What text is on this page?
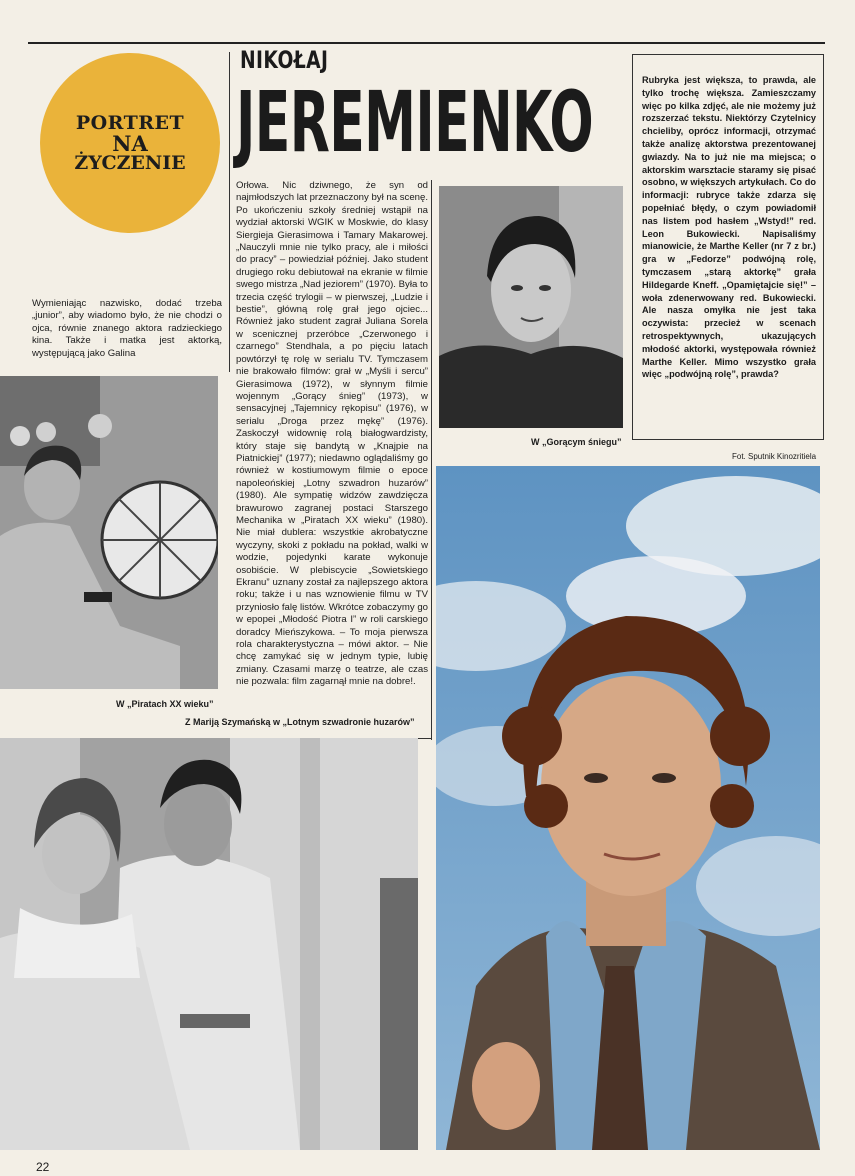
PORTRET
NA
ŻYCZENIE
NIKOŁAJ
JEREMIENKO
Wymieniając nazwisko, dodać trzeba „junior”, aby wiadomo było, że nie chodzi o ojca, równie znanego aktora radzieckiego kina. Także i matka jest aktorką, występującą jako Galina
Orłowa. Nic dziwnego, że syn od najmłodszych lat przeznaczony był na scenę. Po ukończeniu szkoły średniej wstąpił na wydział aktorski WGIK w Moskwie, do klasy Siergieja Gierasimowa i Tamary Makarowej. „Nauczyli mnie nie tylko pracy, ale i miłości do pracy” – powiedział później. Jako student drugiego roku debiutował na ekranie w filmie swego mistrza „Nad jeziorem” (1970). Była to trzecia część trylogii – w pierwszej, „Ludzie i bestie”, główną rolę grał jego ojciec... Również jako student zagrał Juliana Sorela w scenicznej przeróbce „Czerwonego i czarnego” Stendhala, a po pięciu latach powtórzył tę rolę w serialu TV. Tymczasem nie brakowało filmów: grał w „Myśli i sercu” Gierasimowa (1972), w słynnym filmie wojennym „Gorący śnieg” (1973), w sensacyjnej „Tajemnicy rękopisu” (1976), w serialu „Droga przez mękę” (1976). Zaskoczył widownię rolą białogwardzisty, który staje się bandytą w „Knajpie na Piatnickiej” (1977); niedawno oglądaliśmy go również w kostiumowym filmie o epoce napoleońskiej „Lotny szwadron huzarów” (1980). Ale sympatię widzów zawdzięcza brawurowo zagranej postaci Starszego Mechanika w „Piratach XX wieku” (1980). Nie miał dublera: wszystkie akrobatyczne wyczyny, skoki z pokładu na pokład, walki w wodzie, pojedynki karate wykonuje osobiście. W plebiscycie „Sowietskiego Ekranu” uznany został za najlepszego aktora roku; także i u nas wznowienie filmu w TV przyniosło falę listów. Wkrótce zobaczymy go w epopei „Młodość Piotra I” w roli carskiego doradcy Mieńszykowa. – To moja pierwsza rola charakterystyczna – mówi aktor. – Nie chcę zamykać się w jednym typie, lubię zmiany. Czasami marzę o teatrze, ale czas nie pozwala: film zagarnął mnie na dobre!.
Rubryka jest większa, to prawda, ale tylko trochę większa. Zamieszczamy więc po kilka zdjęć, ale nie możemy już rozszerzać tekstu. Niektórzy Czytelnicy chcieliby, oprócz informacji, otrzymać także analizę aktorstwa prezentowanej gwiazdy. Na to już nie ma miejsca; o aktorskim warsztacie staramy się pisać osobno, w większych artykułach. Co do informacji: rubryce także zdarza się popełniać błędy, o czym powiadomił nas listem pod hasłem „Wstyd!” red. Leon Bukowiecki. Napisaliśmy mianowicie, że Marthe Keller (nr 7 z br.) gra w „Fedorze” podwójną rolę, tymczasem „starą aktorkę” grała Hildegarde Kneff. „Opamiętajcie się!” – woła zdenerwowany red. Bukowiecki. Ale nasza omyłka nie jest taka oczywista: przecież w scenach retrospektywnych, ukazujących młodość aktorki, występowała również Marthe Keller. Mimo wszystko grała więc „podwójną rolę”, prawda?
W „Gorącym śniegu”
Fot. Sputnik Kinozritiela
W „Piratach XX wieku”
Z Mariją Szymańską w „Lotnym szwadronie huzarów”
22
